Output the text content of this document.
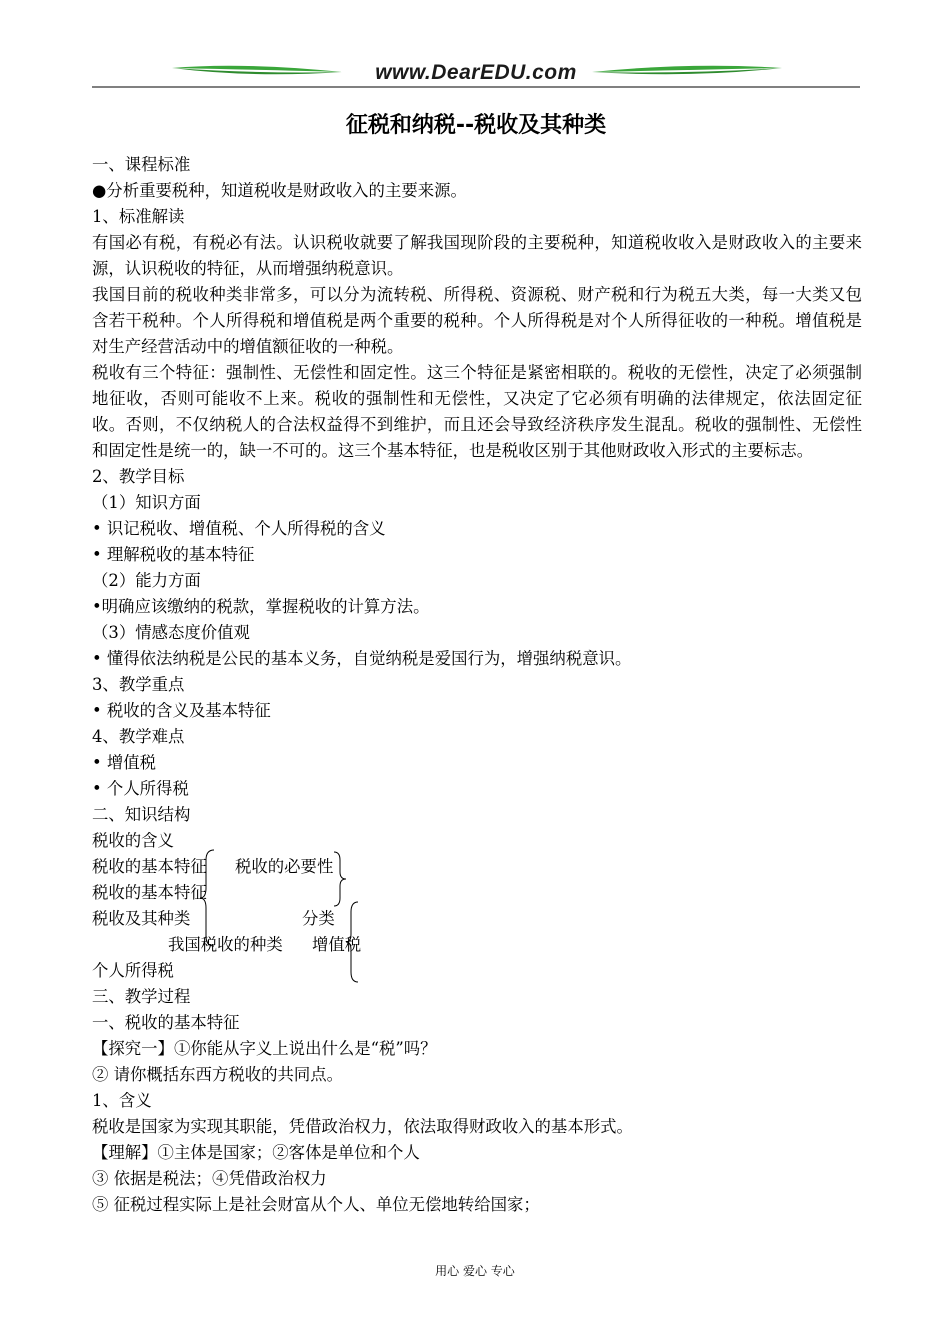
www.DearEDU.com
征税和纳税--税收及其种类
一、课程标准
●分析重要税种，知道税收是财政收入的主要来源。
1、标准解读
有国必有税，有税必有法。认识税收就要了解我国现阶段的主要税种，知道税收收入是财政收入的主要来源，认识税收的特征，从而增强纳税意识。
我国目前的税收种类非常多，可以分为流转税、所得税、资源税、财产税和行为税五大类，每一大类又包含若干税种。个人所得税和增值税是两个重要的税种。个人所得税是对个人所得征收的一种税。增值税是对生产经营活动中的增值额征收的一种税。
税收有三个特征：强制性、无偿性和固定性。这三个特征是紧密相联的。税收的无偿性，决定了必须强制地征收，否则可能收不上来。税收的强制性和无偿性，又决定了它必须有明确的法律规定，依法固定征收。否则，不仅纳税人的合法权益得不到维护，而且还会导致经济秩序发生混乱。税收的强制性、无偿性和固定性是统一的，缺一不可的。这三个基本特征，也是税收区别于其他财政收入形式的主要标志。
2、教学目标
（1）知识方面
• 识记税收、增值税、个人所得税的含义
• 理解税收的基本特征
（2）能力方面
•明确应该缴纳的税款，掌握税收的计算方法。
（3）情感态度价值观
• 懂得依法纳税是公民的基本义务，自觉纳税是爱国行为，增强纳税意识。
3、教学重点
• 税收的含义及基本特征
4、教学难点
• 增值税
• 个人所得税
二、知识结构
税收的含义
税收的基本特征 税收的必要性
税收的基本特征
税收及其种类	分类
我国税收的种类 增值税
个人所得税
三、教学过程
一、税收的基本特征
【探究一】①你能从字义上说出什么是“税”吗？
② 请你概括东西方税收的共同点。
1、含义
税收是国家为实现其职能，凭借政治权力，依法取得财政收入的基本形式。
【理解】①主体是国家；②客体是单位和个人
③ 依据是税法；④凭借政治权力
⑤ 征税过程实际上是社会财富从个人、单位无偿地转给国家；
用心 爱心 专心
